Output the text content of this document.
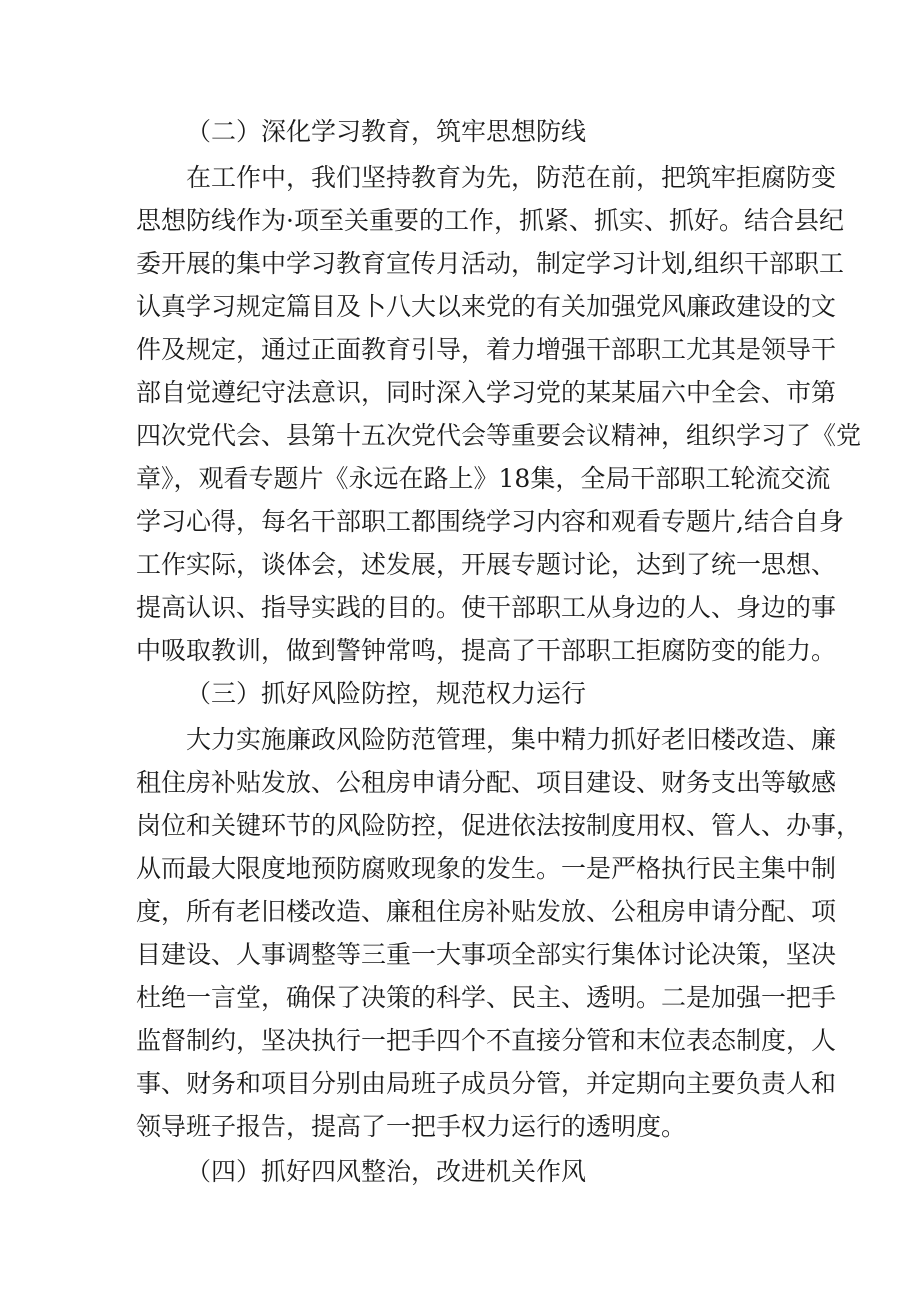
（二）深化学习教育，筑牢思想防线
在工作中，我们坚持教育为先，防范在前，把筑牢拒腐防变
思想防线作为·项至关重要的工作，抓紧、抓实、抓好。结合县纪
委开展的集中学习教育宣传月活动，制定学习计划,组织干部职工
认真学习规定篇目及卜八大以来党的有关加强党风廉政建设的文
件及规定，通过正面教育引导，着力增强干部职工尤其是领导干
部自觉遵纪守法意识，同时深入学习党的某某届六中全会、市第
四次党代会、县第十五次党代会等重要会议精神，组织学习了《党
章》，观看专题片《永远在路上》18集，全局干部职工轮流交流
学习心得，每名干部职工都围绕学习内容和观看专题片,结合自身
工作实际，谈体会，述发展，开展专题讨论，达到了统一思想、
提高认识、指导实践的目的。使干部职工从身边的人、身边的事
中吸取教训，做到警钟常鸣，提高了干部职工拒腐防变的能力。
（三）抓好风险防控，规范权力运行
大力实施廉政风险防范管理，集中精力抓好老旧楼改造、廉
租住房补贴发放、公租房申请分配、项目建设、财务支出等敏感
岗位和关键环节的风险防控，促进依法按制度用权、管人、办事，
从而最大限度地预防腐败现象的发生。一是严格执行民主集中制
度，所有老旧楼改造、廉租住房补贴发放、公租房申请分配、项
目建设、人事调整等三重一大事项全部实行集体讨论决策，坚决
杜绝一言堂，确保了决策的科学、民主、透明。二是加强一把手
监督制约，坚决执行一把手四个不直接分管和末位表态制度，人
事、财务和项目分别由局班子成员分管，并定期向主要负责人和
领导班子报告，提高了一把手权力运行的透明度。
（四）抓好四风整治，改进机关作风
